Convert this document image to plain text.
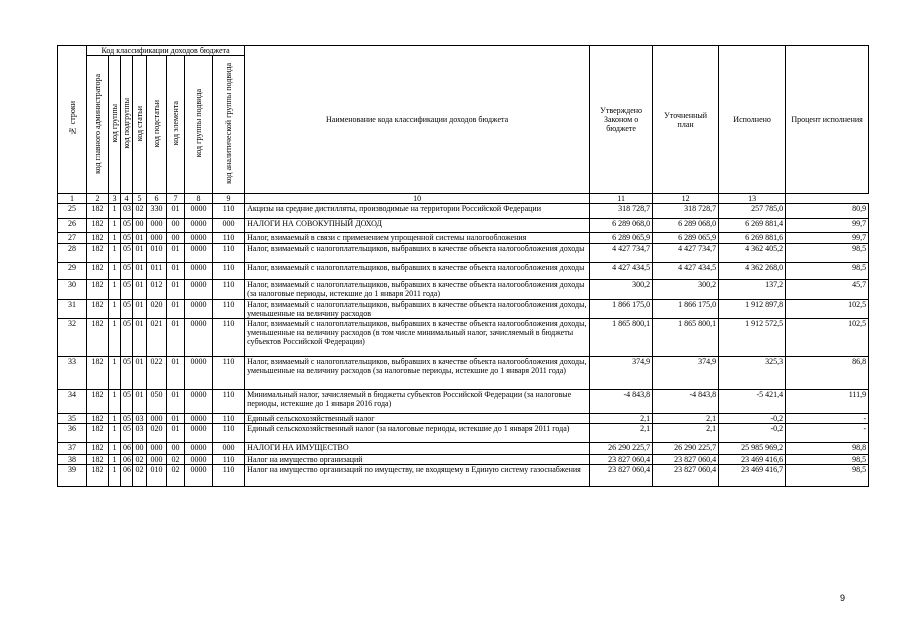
№ строки	Код классификации доходов бюджета								Наименование кода классификации доходов бюджета	Утверждено Законом о бюджете	Уточненный план	Исполнено	Процент исполнения
	код главного администратора	код группы	код подгруппы	код статьи	код подстатьи	код элемента	код группы подвида	код аналитической группы подвида					
1	2	3	4	5	6	7	8	9	10	11	12	13	
25	182	1	03	02	330	01	0000	110	Акцизы на средние дистилляты, производимые на территории Российской Федерации	318 728,7	318 728,7	257 785,0	80,9
26	182	1	05	00	000	00	0000	000	НАЛОГИ НА СОВОКУПНЫЙ ДОХОД	6 289 068,0	6 289 068,0	6 269 881,4	99,7
27	182	1	05	01	000	00	0000	110	Налог, взимаемый в связи с применением упрощенной системы налогообложения	6 289 065,9	6 289 065,9	6 269 881,6	99,7
28	182	1	05	01	010	01	0000	110	Налог, взимаемый с налогоплательщиков, выбравших в качестве объекта налогообложения доходы	4 427 734,7	4 427 734,7	4 362 405,2	98,5
29	182	1	05	01	011	01	0000	110	Налог, взимаемый с налогоплательщиков, выбравших в качестве объекта налогообложения доходы	4 427 434,5	4 427 434,5	4 362 268,0	98,5
30	182	1	05	01	012	01	0000	110	Налог, взимаемый с налогоплательщиков, выбравших в качестве объекта налогообложения доходы (за налоговые периоды, истекшие до 1 января 2011 года)	300,2	300,2	137,2	45,7
31	182	1	05	01	020	01	0000	110	Налог, взимаемый с налогоплательщиков, выбравших в качестве объекта налогообложения доходы, уменьшенные на величину расходов	1 866 175,0	1 866 175,0	1 912 897,8	102,5
32	182	1	05	01	021	01	0000	110	Налог, взимаемый с налогоплательщиков, выбравших в качестве объекта налогообложения доходы, уменьшенные на величину расходов (в том числе минимальный налог, зачисляемый в бюджеты субъектов Российской Федерации)	1 865 800,1	1 865 800,1	1 912 572,5	102,5
33	182	1	05	01	022	01	0000	110	Налог, взимаемый с налогоплательщиков, выбравших в качестве объекта налогообложения доходы, уменьшенные на величину расходов (за налоговые периоды, истекшие до 1 января 2011 года)	374,9	374,9	325,3	86,8
34	182	1	05	01	050	01	0000	110	Минимальный налог, зачисляемый в бюджеты субъектов Российской Федерации (за налоговые периоды, истекшие до 1 января 2016 года)	-4 843,8	-4 843,8	-5 421,4	111,9
35	182	1	05	03	000	01	0000	110	Единый сельскохозяйственный налог	2,1	2,1	-0,2	-
36	182	1	05	03	020	01	0000	110	Единый сельскохозяйственный налог (за налоговые периоды, истекшие до 1 января 2011 года)	2,1	2,1	-0,2	-
37	182	1	06	00	000	00	0000	000	НАЛОГИ НА ИМУЩЕСТВО	26 290 225,7	26 290 225,7	25 985 969,2	98,8
38	182	1	06	02	000	02	0000	110	Налог на имущество организаций	23 827 060,4	23 827 060,4	23 469 416,6	98,5
39	182	1	06	02	010	02	0000	110	Налог на имущество организаций по имуществу, не входящему в Единую систему газоснабжения	23 827 060,4	23 827 060,4	23 469 416,7	98,5
9
